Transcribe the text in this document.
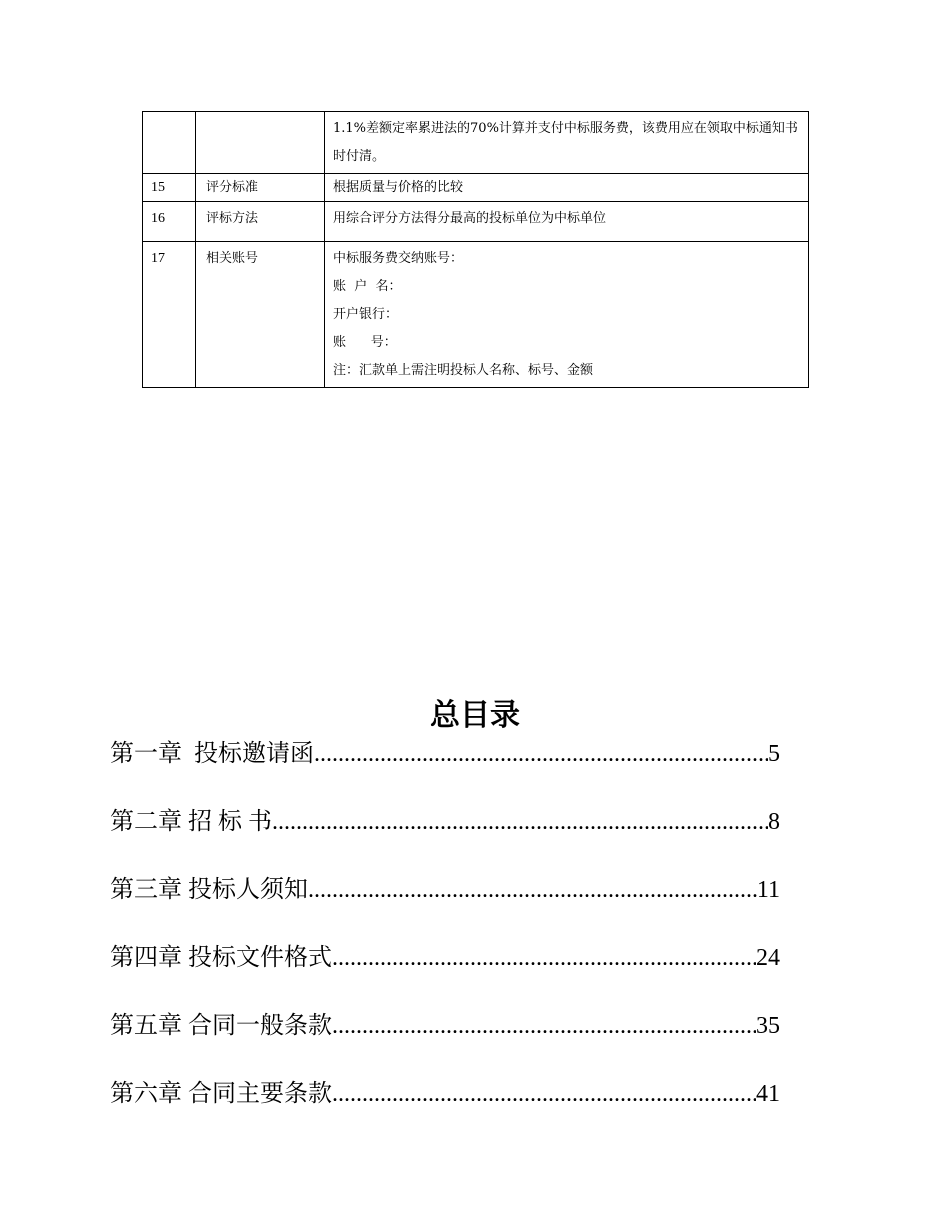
		1.1%差额定率累进法的70%计算并支付中标服务费，该费用应在领取中标通知书时付清。
15	评分标准	根据质量与价格的比较
16	评标方法	用综合评分方法得分最高的投标单位为中标单位
17	相关账号	中标服务费交纳账号：
账  户  名：
开户银行：
账      号：
注：汇款单上需注明投标人名称、标号、金额
总目录
第一章  投标邀请函 .....	5
第二章 招 标 书 .....	8
第三章 投标人须知 .....	11
第四章 投标文件格式 .....	24
第五章 合同一般条款 .....	35
第六章 合同主要条款 .....	41
